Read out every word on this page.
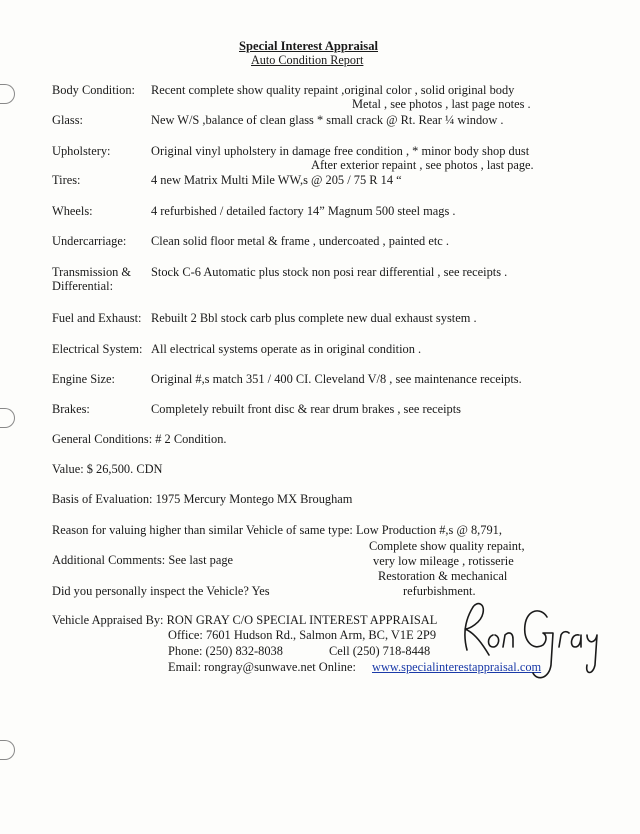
Special Interest Appraisal
Auto Condition Report
Body Condition: Recent complete show quality repaint ,original color , solid original body
Metal , see photos , last page notes .
Glass:	New W/S ,balance of clean glass * small crack @ Rt. Rear ¼ window .
Upholstery:	Original vinyl upholstery in damage free condition , * minor body shop dust
After exterior repaint , see photos , last page.
Tires:	4 new Matrix Multi Mile WW,s @ 205 / 75 R 14 “
Wheels:	4 refurbished / detailed factory 14” Magnum 500 steel mags .
Undercarriage: Clean solid floor metal & frame , undercoated , painted etc .
Transmission &
Differential:
Stock C-6 Automatic plus stock non posi rear differential , see receipts .
Fuel and Exhaust: Rebuilt 2 Bbl stock carb plus complete new dual exhaust system .
Electrical System: All electrical systems operate as in original condition .
Engine Size:	Original #,s match 351 / 400 CI. Cleveland V/8 , see maintenance receipts.
Brakes:	Completely rebuilt front disc & rear drum brakes , see receipts
General Conditions: # 2 Condition.
Value: $ 26,500. CDN
Basis of Evaluation: 1975 Mercury Montego MX Brougham
Reason for valuing higher than similar Vehicle of same type: Low Production #,s @ 8,791,
Complete show quality repaint,
Additional Comments: See last page	very low mileage , rotisserie
Restoration & mechanical
Did you personally inspect the Vehicle? Yes	refurbishment.
Vehicle Appraised By: RON GRAY C/O SPECIAL INTEREST APPRAISAL
Office: 7601 Hudson Rd., Salmon Arm, BC, V1E 2P9
Phone: (250) 832-8038	Cell (250) 718-8448
Email: rongray@sunwave.net Online: www.specialinterestappraisal.com
